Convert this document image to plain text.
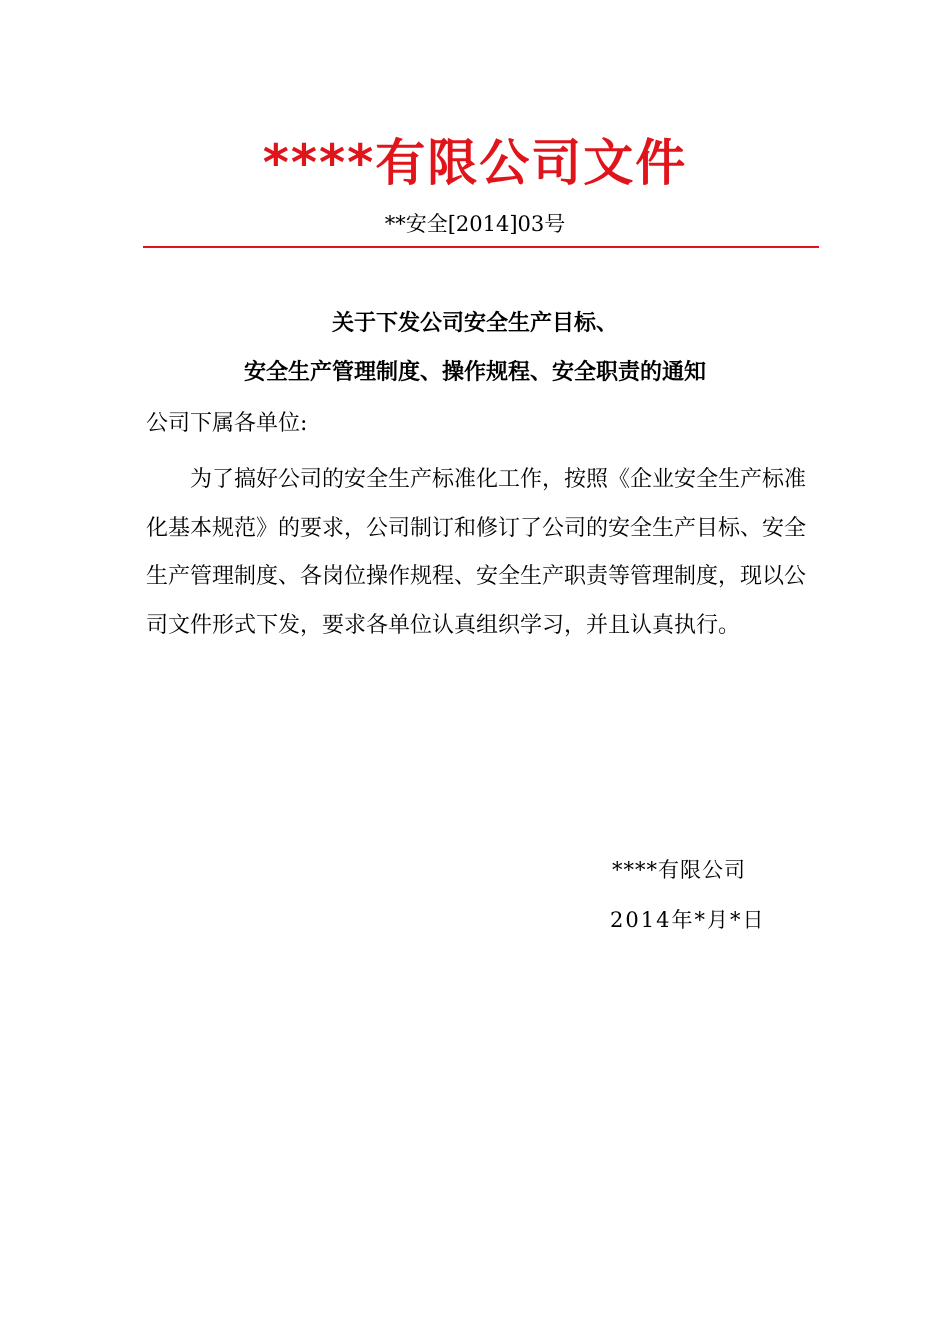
****有限公司文件
**安全[2014]03号
关于下发公司安全生产目标、
安全生产管理制度、操作规程、安全职责的通知
公司下属各单位:

为了搞好公司的安全生产标准化工作，按照《企业安全生产标准化基本规范》的要求，公司制订和修订了公司的安全生产目标、安全生产管理制度、各岗位操作规程、安全生产职责等管理制度，现以公司文件形式下发，要求各单位认真组织学习，并且认真执行。

****有限公司
2014年*月*日
